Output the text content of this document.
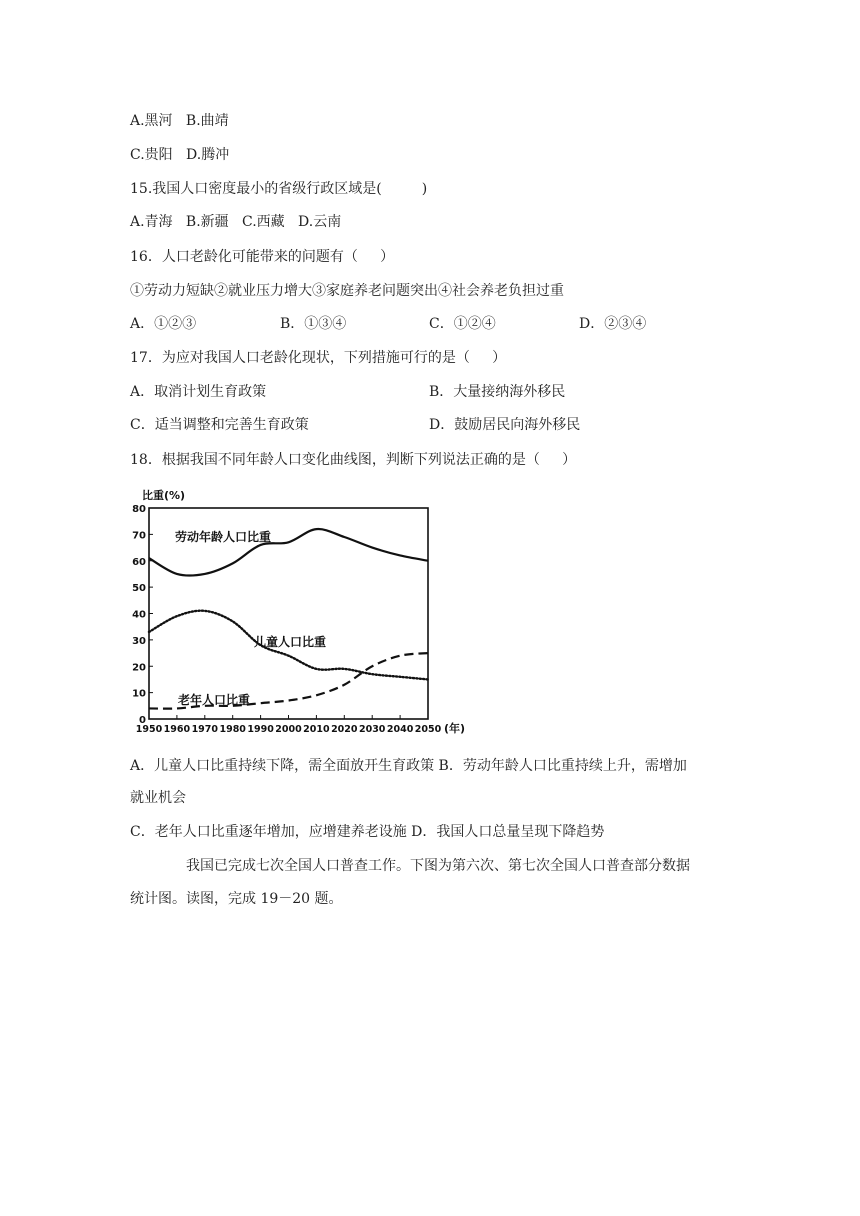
A.黑河   B.曲靖
C.贵阳   D.腾冲
15.我国人口密度最小的省级行政区域是(         )
A.青海   B.新疆   C.西藏   D.云南
16．人口老龄化可能带来的问题有（     ）
①劳动力短缺②就业压力增大③家庭养老问题突出④社会养老负担过重
A．①②③	B．①③④	C．①②④	D．②③④
17．为应对我国人口老龄化现状，下列措施可行的是（     ）
A．取消计划生育政策	B．大量接纳海外移民
C．适当调整和完善生育政策	D．鼓励居民向海外移民
18．根据我国不同年龄人口变化曲线图，判断下列说法正确的是（     ）
比重(%)
0
10
20
30
40
50
60
70
80
1950 1960 1970 1980 1990 2000 2010 2020 2030 2040 2050
劳动年龄人口比重
儿童人口比重
老年人口比重
(年)
A．儿童人口比重持续下降，需全面放开生育政策 B．劳动年龄人口比重持续上升，需增加
就业机会
C．老年人口比重逐年增加，应增建养老设施 D．我国人口总量呈现下降趋势
我国已完成七次全国人口普查工作。下图为第六次、第七次全国人口普查部分数据
统计图。读图，完成 19－20 题。
